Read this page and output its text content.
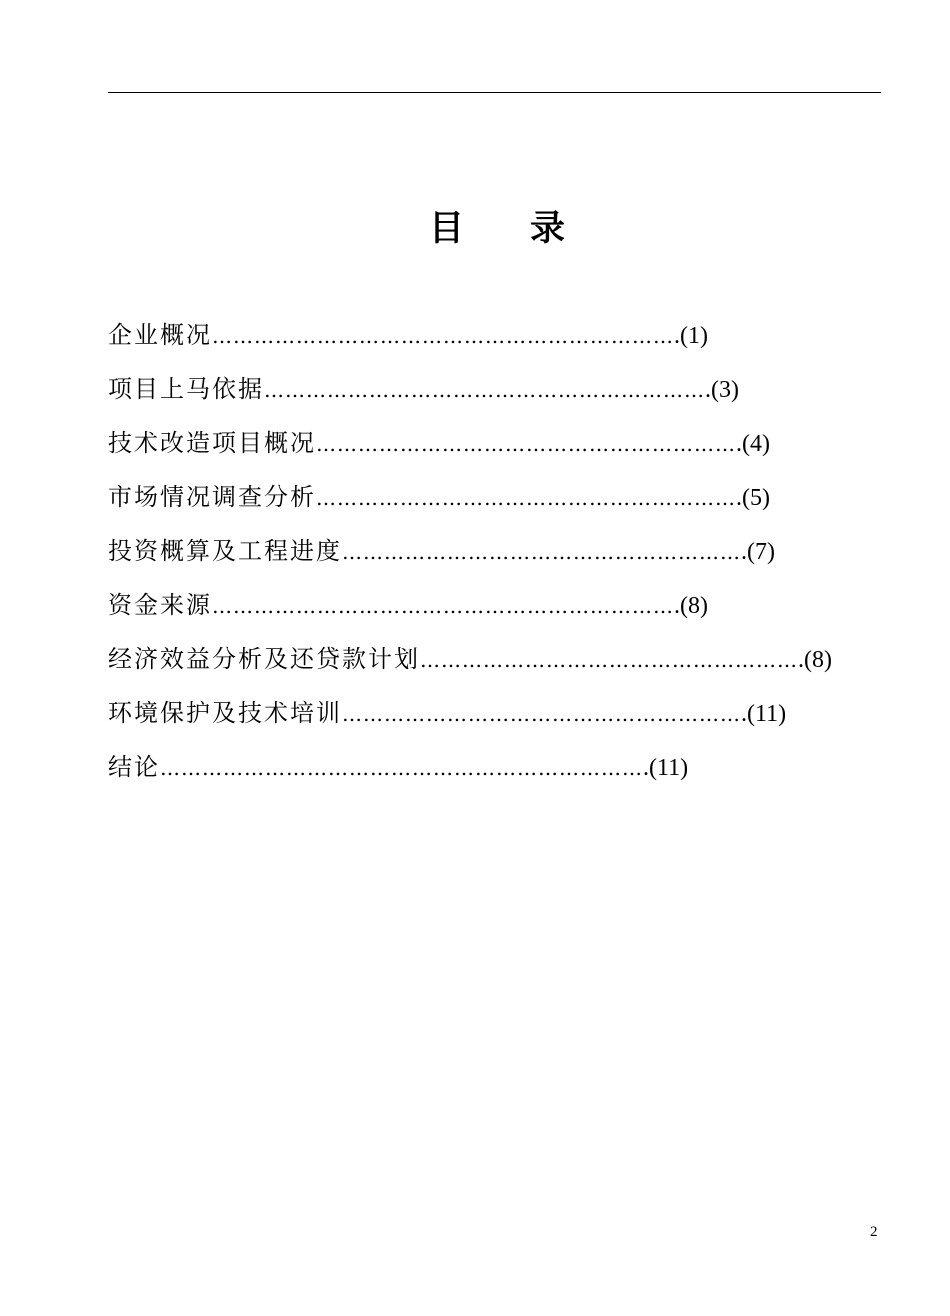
目 录
企业概况 ………………………………………………………… .(1)
项目上马依据 ……………………………………………………… .(3)
技术改造项目概况 …………………………………………………… .(4)
市场情况调查分析 …………………………………………………… .(5)
投资概算及工程进度 ………………………………………………… .(7)
资金来源 ………………………………………………………… .(8)
经济效益分析及还贷款计划 ……………………………………………… .(8)
环境保护及技术培训 ………………………………………………… .(11)
结论 …………………………………………………………… .(11)
2
